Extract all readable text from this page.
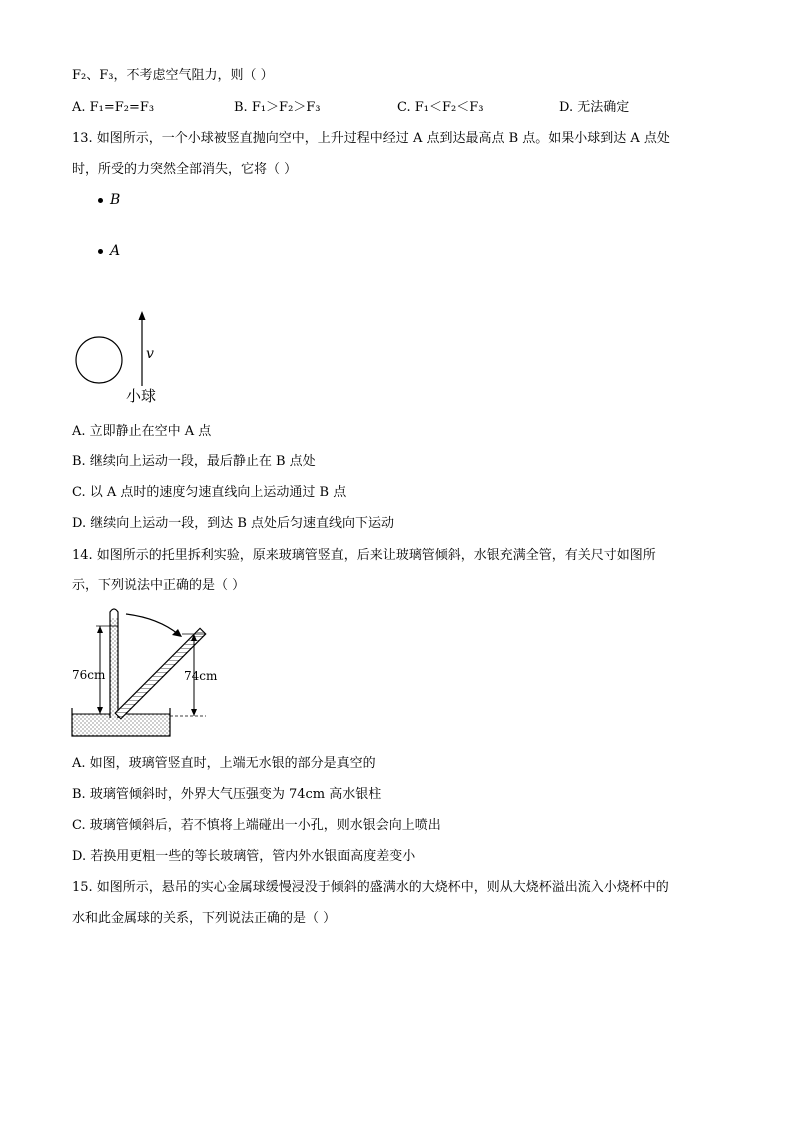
F₂、F₃，不考虑空气阻力，则（ ）
A. F₁=F₂=F₃	B. F₁＞F₂＞F₃	C. F₁＜F₂＜F₃	D. 无法确定
13. 如图所示，一个小球被竖直抛向空中，上升过程中经过 A 点到达最高点 B 点。如果小球到达 A 点处
时，所受的力突然全部消失，它将（ ）
B
A
v
小球
A. 立即静止在空中 A 点
B. 继续向上运动一段，最后静止在 B 点处
C. 以 A 点时的速度匀速直线向上运动通过 B 点
D. 继续向上运动一段，到达 B 点处后匀速直线向下运动
14. 如图所示的托里拆利实验，原来玻璃管竖直，后来让玻璃管倾斜，水银充满全管，有关尺寸如图所
示，下列说法中正确的是（ ）
76cm	74cm
A. 如图，玻璃管竖直时，上端无水银的部分是真空的
B. 玻璃管倾斜时，外界大气压强变为 74cm 高水银柱
C. 玻璃管倾斜后，若不慎将上端碰出一小孔，则水银会向上喷出
D. 若换用更粗一些的等长玻璃管，管内外水银面高度差变小
15. 如图所示，悬吊的实心金属球缓慢浸没于倾斜的盛满水的大烧杯中，则从大烧杯溢出流入小烧杯中的
水和此金属球的关系，下列说法正确的是（ ）
